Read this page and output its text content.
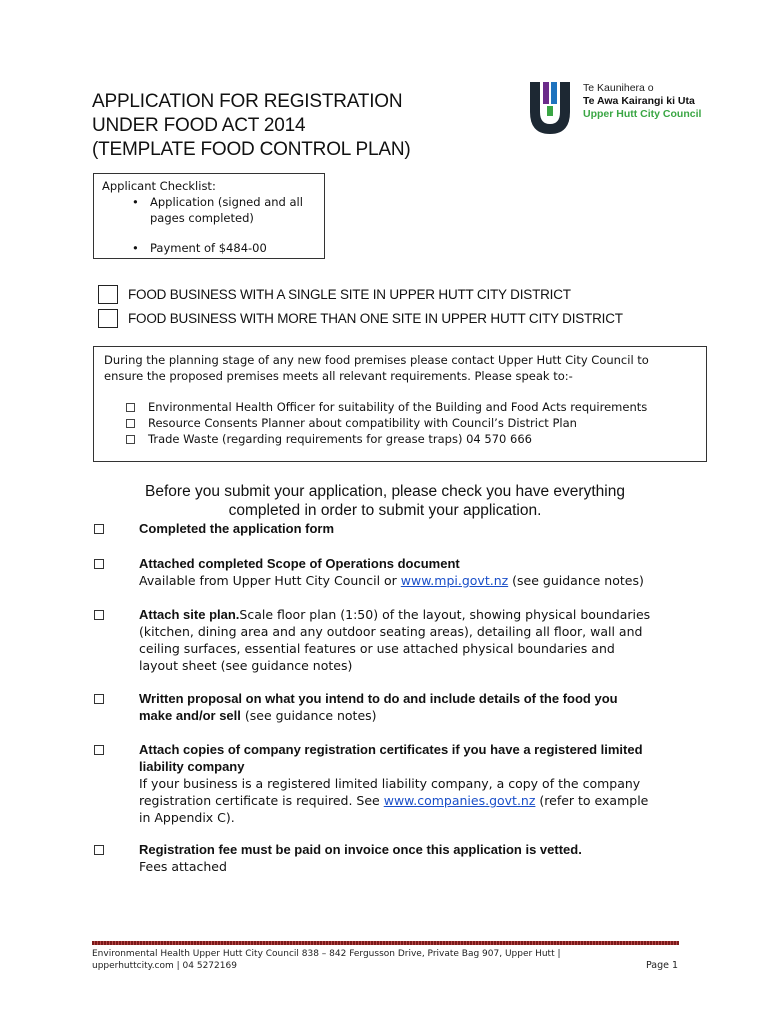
APPLICATION FOR REGISTRATION
UNDER FOOD ACT 2014
(TEMPLATE FOOD CONTROL PLAN)
Te Kaunihera o
Te Awa Kairangi ki Uta
Upper Hutt City Council
Applicant Checklist:
• Application (signed and all
pages completed)
• Payment of $484-00
FOOD BUSINESS WITH A SINGLE SITE IN UPPER HUTT CITY DISTRICT
FOOD BUSINESS WITH MORE THAN ONE SITE IN UPPER HUTT CITY DISTRICT
During the planning stage of any new food premises please contact Upper Hutt City Council to
ensure the proposed premises meets all relevant requirements. Please speak to:-
Environmental Health Officer for suitability of the Building and Food Acts requirements
Resource Consents Planner about compatibility with Council’s District Plan
Trade Waste (regarding requirements for grease traps) 04 570 666
Before you submit your application, please check you have everything
completed in order to submit your application.
Completed the application form
Attached completed Scope of Operations document
Available from Upper Hutt City Council or www.mpi.govt.nz (see guidance notes)
Attach site plan.Scale floor plan (1:50) of the layout, showing physical boundaries
(kitchen, dining area and any outdoor seating areas), detailing all floor, wall and
ceiling surfaces, essential features or use attached physical boundaries and
layout sheet (see guidance notes)
Written proposal on what you intend to do and include details of the food you
make and/or sell (see guidance notes)
Attach copies of company registration certificates if you have a registered limited
liability company
If your business is a registered limited liability company, a copy of the company
registration certificate is required. See www.companies.govt.nz (refer to example
in Appendix C).
Registration fee must be paid on invoice once this application is vetted.
Fees attached
Environmental Health Upper Hutt City Council 838 – 842 Fergusson Drive, Private Bag 907, Upper Hutt |
upperhuttcity.com | 04 5272169	Page 1
